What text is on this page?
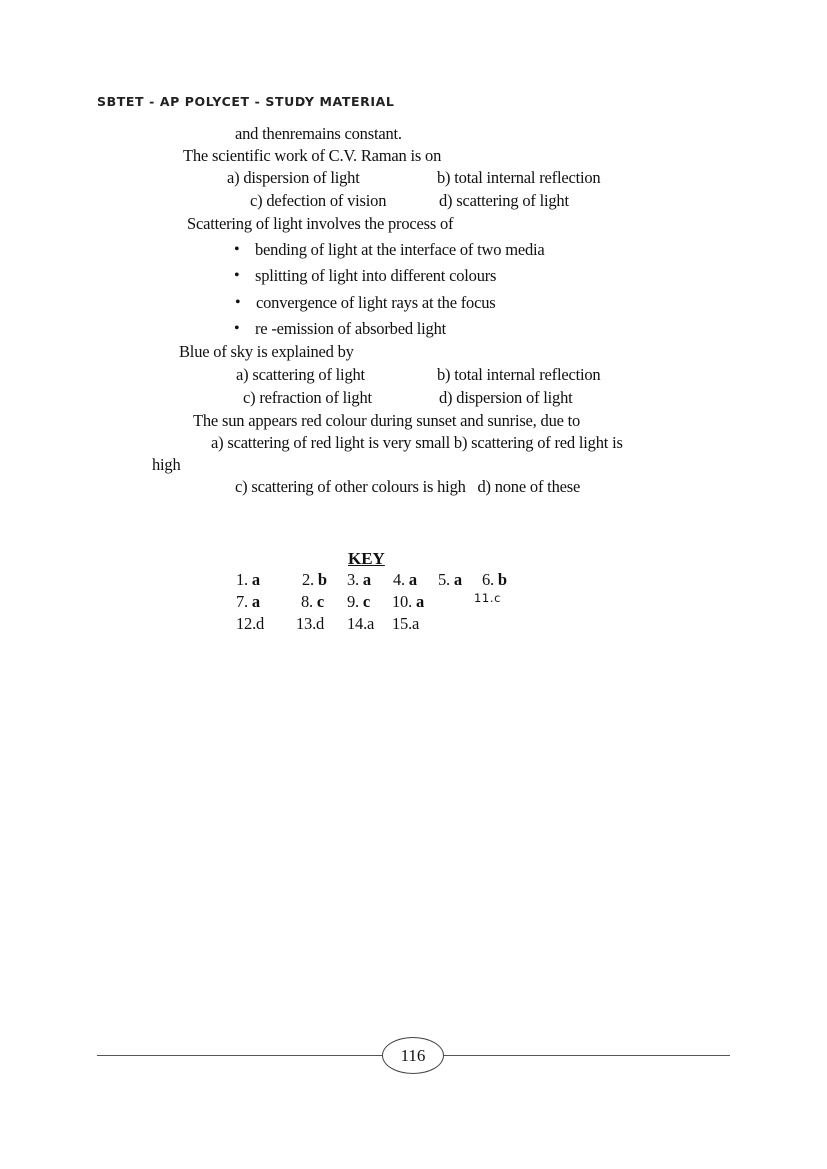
SBTET - AP POLYCET - STUDY MATERIAL
and thenremains constant.
The scientific work of C.V. Raman is on
a) dispersion of light	b) total internal reflection
c) defection of vision	d) scattering of light
Scattering of light involves the process of
• bending of light at the interface of two media
• splitting of light into different colours
• convergence of light rays at the focus
• re -emission of absorbed light
Blue of sky is explained by
a) scattering of light	b) total internal reflection
c) refraction of light	d) dispersion of light
The sun appears red colour during sunset and sunrise, due to
a) scattering of red light is very small b) scattering of red light is
high
c) scattering of other colours is high   d) none of these
KEY
1. a	2. b 3. a 4. a 5. a 6. b
7. a 8. c 9. c 10. a	11.c
12.d 13.d 14.a 15.a
116
